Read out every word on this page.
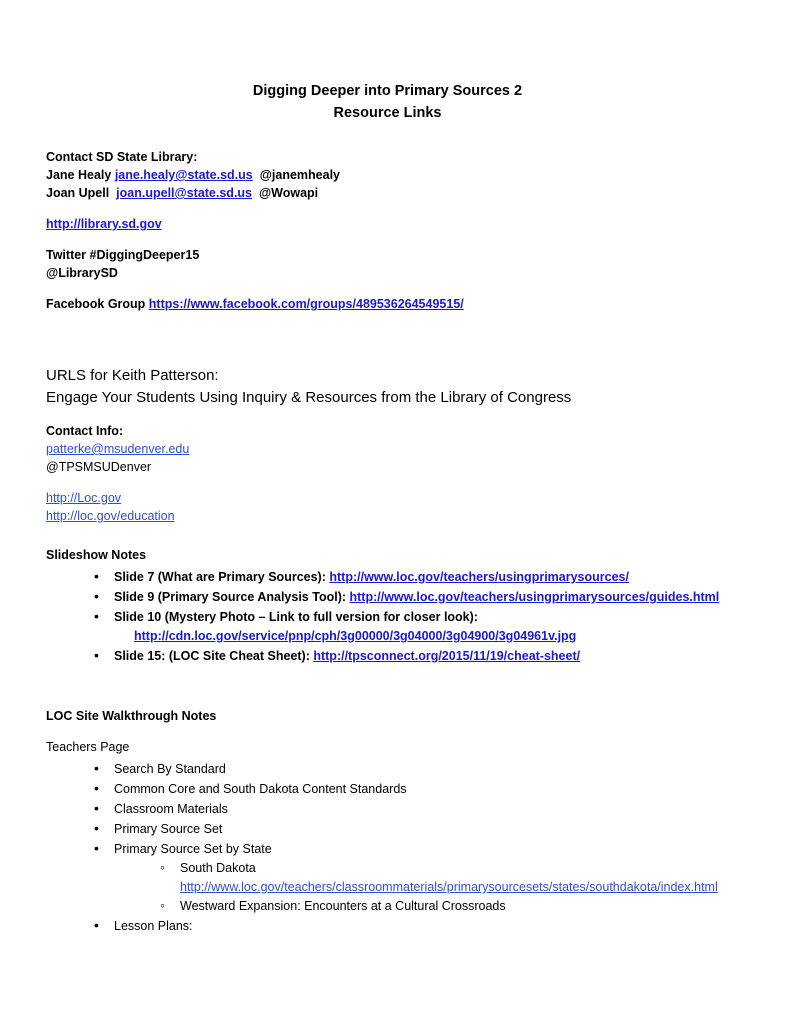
Digging Deeper into Primary Sources 2
Resource Links

Contact SD State Library:

Jane Healy jane.healy@state.sd.us @janemhealy

Joan Upell joan.upell@state.sd.us @Wowapi

http://library.sd.gov

Twitter #DiggingDeeper15

@LibrarySD

Facebook Group https://www.facebook.com/groups/489536264549515/

URLS for Keith Patterson:

Engage Your Students Using Inquiry & Resources from the Library of Congress

Contact Info:

patterke@msudenver.edu

@TPSMSUDenver

http://Loc.gov

http://loc.gov/education

Slideshow Notes

• Slide 7 (What are Primary Sources): http://www.loc.gov/teachers/usingprimarysources/
• Slide 9 (Primary Source Analysis Tool): http://www.loc.gov/teachers/usingprimarysources/guides.html
• Slide 10 (Mystery Photo – Link to full version for closer look):
http://cdn.loc.gov/service/pnp/cph/3g00000/3g04000/3g04900/3g04961v.jpg
• Slide 15: (LOC Site Cheat Sheet): http://tpsconnect.org/2015/11/19/cheat-sheet/

LOC Site Walkthrough Notes

Teachers Page

• Search By Standard
• Common Core and South Dakota Content Standards
• Classroom Materials
• Primary Source Set
• Primary Source Set by State
◦ South Dakota
http://www.loc.gov/teachers/classroommaterials/primarysourcesets/states/southdakota/index.html
◦ Westward Expansion: Encounters at a Cultural Crossroads
• Lesson Plans:
